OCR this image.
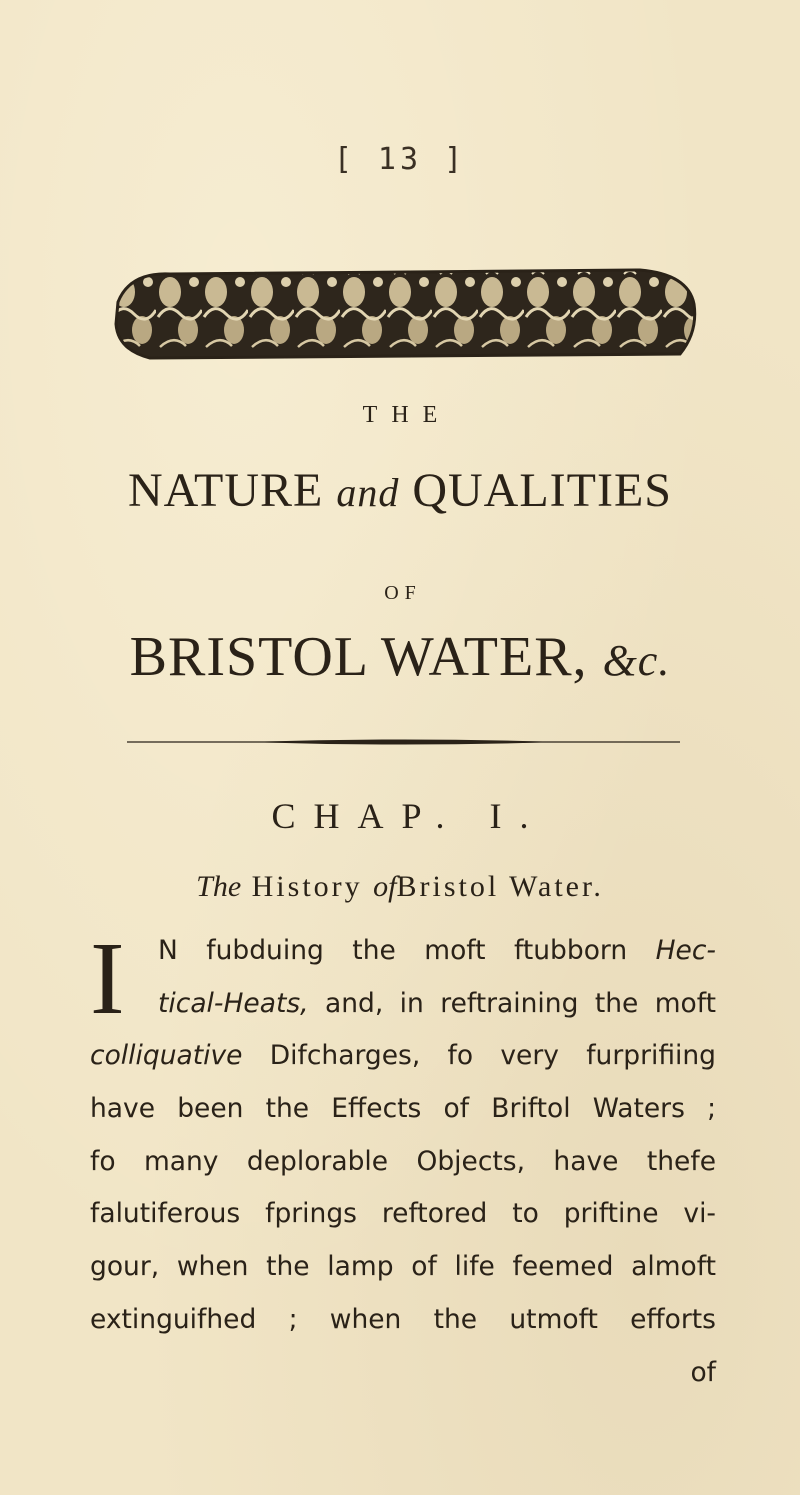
[ 13 ]
THE
NATURE and QUALITIES
OF
BRISTOL WATER, &c.
CHAP. I.
The History ofBristol Water.
I	N fubduing the moft ftubborn Hec-
tical-Heats, and, in reftraining the moft
colliquative Difcharges, fo very furprifiing
have been the Effects of Briftol Waters ;
fo many deplorable Objects, have thefe
falutiferous fprings reftored to priftine vi-
gour, when the lamp of life feemed almoft
extinguifhed ; when the utmoft efforts
of
